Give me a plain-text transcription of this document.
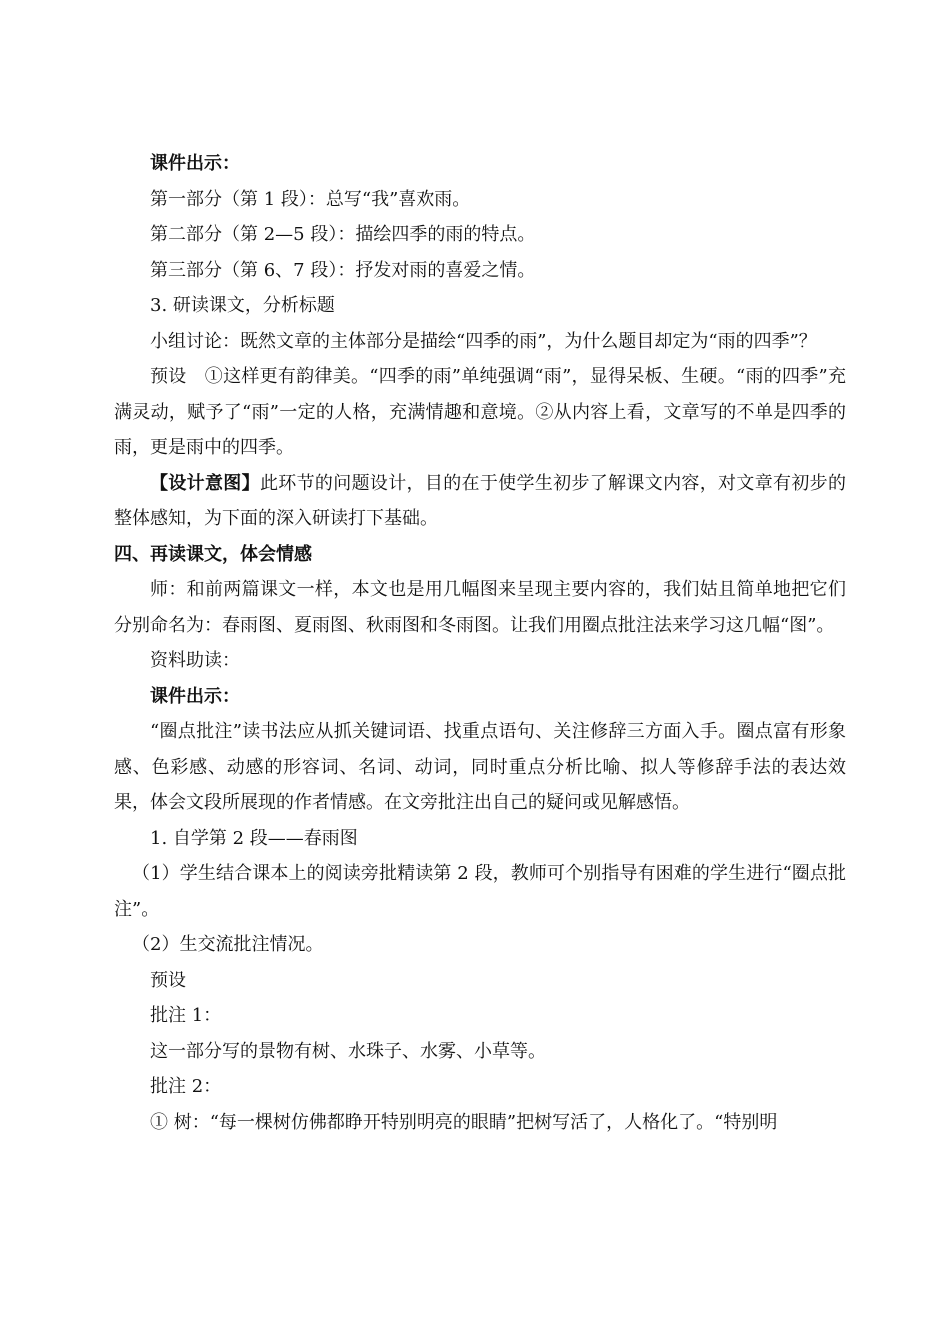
课件出示：

第一部分（第 1 段）：总写“我”喜欢雨。

第二部分（第 2—5 段）：描绘四季的雨的特点。

第三部分（第 6、7 段）：抒发对雨的喜爱之情。

3. 研读课文，分析标题

小组讨论：既然文章的主体部分是描绘“四季的雨”，为什么题目却定为“雨的四季”？

预设　①这样更有韵律美。“四季的雨”单纯强调“雨”，显得呆板、生硬。“雨的四季”充满灵动，赋予了“雨”一定的人格，充满情趣和意境。②从内容上看，文章写的不单是四季的雨，更是雨中的四季。

【设计意图】此环节的问题设计，目的在于使学生初步了解课文内容，对文章有初步的整体感知，为下面的深入研读打下基础。

四、再读课文，体会情感

师：和前两篇课文一样，本文也是用几幅图来呈现主要内容的，我们姑且简单地把它们分别命名为：春雨图、夏雨图、秋雨图和冬雨图。让我们用圈点批注法来学习这几幅“图”。

资料助读：

课件出示：

“圈点批注”读书法应从抓关键词语、找重点语句、关注修辞三方面入手。圈点富有形象感、色彩感、动感的形容词、名词、动词，同时重点分析比喻、拟人等修辞手法的表达效果，体会文段所展现的作者情感。在文旁批注出自己的疑问或见解感悟。

1. 自学第 2 段——春雨图

（1）学生结合课本上的阅读旁批精读第 2 段，教师可个别指导有困难的学生进行“圈点批注”。

（2）生交流批注情况。

预设

批注 1：

这一部分写的景物有树、水珠子、水雾、小草等。

批注 2：

① 树：“每一棵树仿佛都睁开特别明亮的眼睛”把树写活了，人格化了。“特别明
